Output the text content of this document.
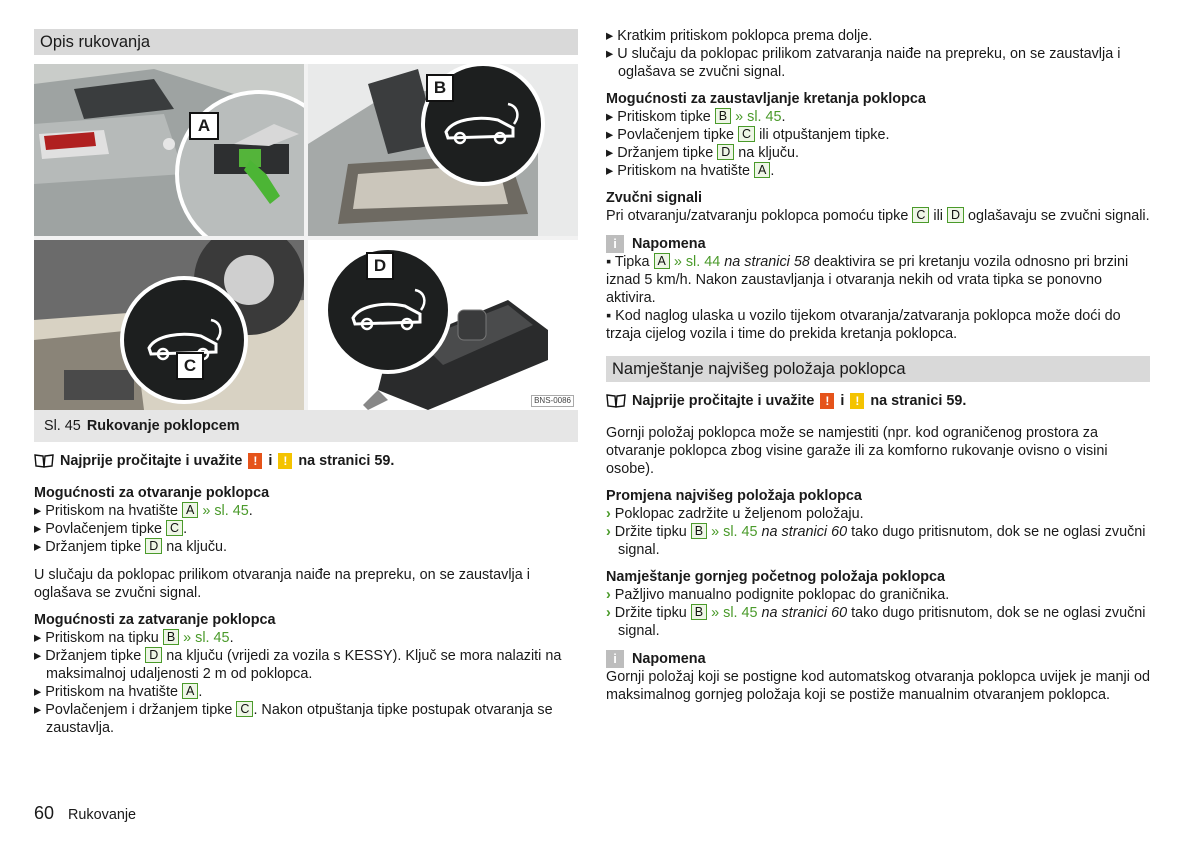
Opis rukovanja
A
B
C
D
BNS-0086
Sl. 45 Rukovanje poklopcem
Najprije pročitajte i uvažite ! i ! na stranici 59.
Mogućnosti za otvaranje poklopca
▸ Pritiskom na hvatište A » sl. 45.
▸ Povlačenjem tipke C .
▸ Držanjem tipke D na ključu.
U slučaju da poklopac prilikom otvaranja naiđe na prepreku, on se zaustavlja i oglašava se zvučni signal.
Mogućnosti za zatvaranje poklopca
▸ Pritiskom na tipku B » sl. 45.
▸ Držanjem tipke D na ključu (vrijedi za vozila s KESSY). Ključ se mora nalaziti na maksimalnoj udaljenosti 2 m od poklopca.
▸ Pritiskom na hvatište A .
▸ Povlačenjem i držanjem tipke C . Nakon otpuštanja tipke postupak otvaranja se zaustavlja.
60 Rukovanje
▸ Kratkim pritiskom poklopca prema dolje.
▸ U slučaju da poklopac prilikom zatvaranja naiđe na prepreku, on se zaustavlja i oglašava se zvučni signal.
Mogućnosti za zaustavljanje kretanja poklopca
▸ Pritiskom tipke B » sl. 45.
▸ Povlačenjem tipke C ili otpuštanjem tipke.
▸ Držanjem tipke D na ključu.
▸ Pritiskom na hvatište A .
Zvučni signali
Pri otvaranju/zatvaranju poklopca pomoću tipke C ili D oglašavaju se zvučni signali.
i	Napomena
▪ Tipka A » sl. 44 na stranici 58 deaktivira se pri kretanju vozila odnosno pri brzini iznad 5 km/h. Nakon zaustavljanja i otvaranja nekih od vrata tipka se ponovno aktivira.
▪ Kod naglog ulaska u vozilo tijekom otvaranja/zatvaranja poklopca može doći do trzaja cijelog vozila i time do prekida kretanja poklopca.
Namještanje najvišeg položaja poklopca
Najprije pročitajte i uvažite ! i ! na stranici 59.
Gornji položaj poklopca može se namjestiti (npr. kod ograničenog prostora za otvaranje poklopca zbog visine garaže ili za komforno rukovanje ovisno o visini osobe).
Promjena najvišeg položaja poklopca
› Poklopac zadržite u željenom položaju.
› Držite tipku B » sl. 45 na stranici 60 tako dugo pritisnutom, dok se ne oglasi zvučni signal.
Namještanje gornjeg početnog položaja poklopca
› Pažljivo manualno podignite poklopac do graničnika.
› Držite tipku B » sl. 45 na stranici 60 tako dugo pritisnutom, dok se ne oglasi zvučni signal.
i	Napomena
Gornji položaj koji se postigne kod automatskog otvaranja poklopca uvijek je manji od maksimalnog gornjeg položaja koji se postiže manualnim otvaranjem poklopca.
